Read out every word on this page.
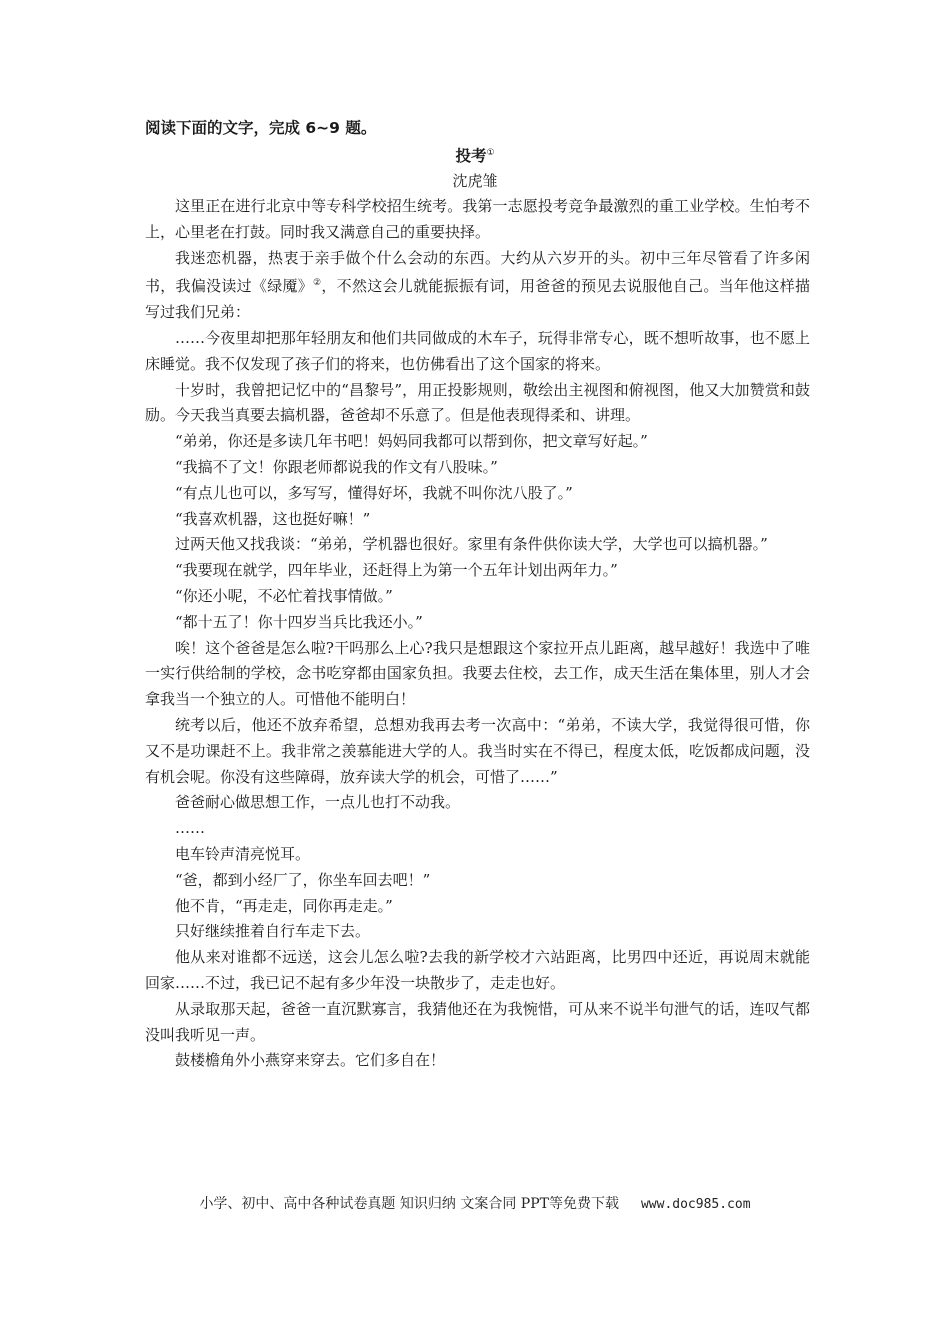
阅读下面的文字，完成 6~9 题。
投考①
沈虎雏

这里正在进行北京中等专科学校招生统考。我第一志愿投考竞争最激烈的重工业学校。生怕考不上，心里老在打鼓。同时我又满意自己的重要抉择。

我迷恋机器，热衷于亲手做个什么会动的东西。大约从六岁开的头。初中三年尽管看了许多闲书，我偏没读过《绿魇》②，不然这会儿就能振振有词，用爸爸的预见去说服他自己。当年他这样描写过我们兄弟：

……今夜里却把那年轻朋友和他们共同做成的木车子，玩得非常专心，既不想听故事，也不愿上床睡觉。我不仅发现了孩子们的将来，也仿佛看出了这个国家的将来。

十岁时，我曾把记忆中的“昌黎号”，用正投影规则，敬绘出主视图和俯视图，他又大加赞赏和鼓励。今天我当真要去搞机器，爸爸却不乐意了。但是他表现得柔和、讲理。

“弟弟，你还是多读几年书吧！妈妈同我都可以帮到你，把文章写好起。”

“我搞不了文！你跟老师都说我的作文有八股味。”

“有点儿也可以，多写写，懂得好坏，我就不叫你沈八股了。”

“我喜欢机器，这也挺好嘛！”

过两天他又找我谈：“弟弟，学机器也很好。家里有条件供你读大学，大学也可以搞机器。”

“我要现在就学，四年毕业，还赶得上为第一个五年计划出两年力。”

“你还小呢，不必忙着找事情做。”

“都十五了！你十四岁当兵比我还小。”

唉！这个爸爸是怎么啦?干吗那么上心?我只是想跟这个家拉开点儿距离，越早越好！我选中了唯一实行供给制的学校，念书吃穿都由国家负担。我要去住校，去工作，成天生活在集体里，别人才会拿我当一个独立的人。可惜他不能明白！

统考以后，他还不放弃希望，总想劝我再去考一次高中：“弟弟，不读大学，我觉得很可惜，你又不是功课赶不上。我非常之羡慕能进大学的人。我当时实在不得已，程度太低，吃饭都成问题，没有机会呢。你没有这些障碍，放弃读大学的机会，可惜了……”

爸爸耐心做思想工作，一点儿也打不动我。

……

电车铃声清亮悦耳。

“爸，都到小经厂了，你坐车回去吧！”

他不肯，“再走走，同你再走走。”

只好继续推着自行车走下去。

他从来对谁都不远送，这会儿怎么啦?去我的新学校才六站距离，比男四中还近，再说周末就能回家……不过，我已记不起有多少年没一块散步了，走走也好。

从录取那天起，爸爸一直沉默寡言，我猜他还在为我惋惜，可从来不说半句泄气的话，连叹气都没叫我听见一声。

鼓楼檐角外小燕穿来穿去。它们多自在！

小学、初中、高中各种试卷真题 知识归纳 文案合同 PPT等免费下载 www.doc985.com
